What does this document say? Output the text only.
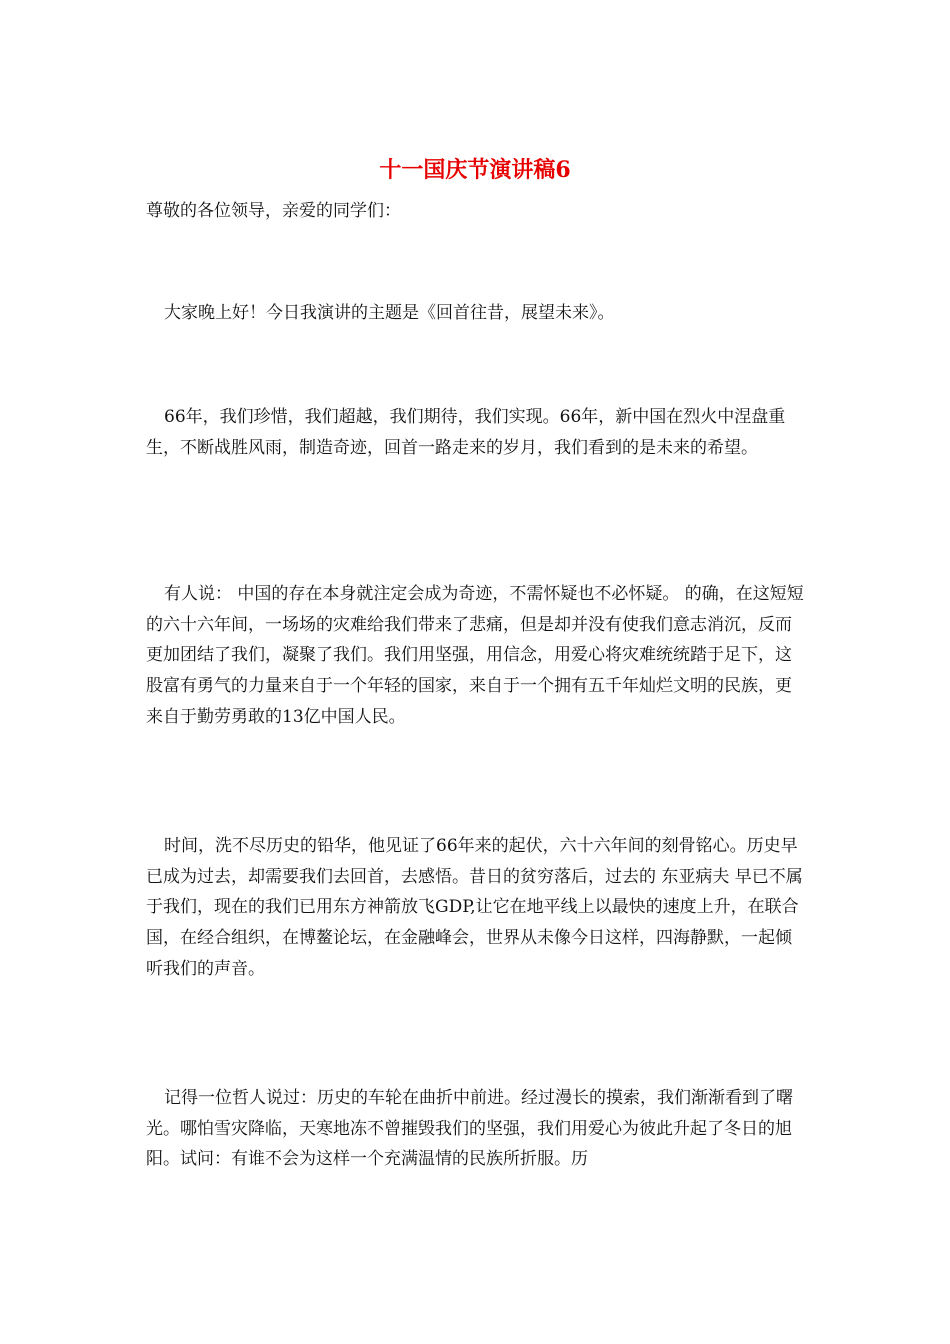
十一国庆节演讲稿6
尊敬的各位领导，亲爱的同学们：

大家晚上好！今日我演讲的主题是《回首往昔，展望未来》。

66年，我们珍惜，我们超越，我们期待，我们实现。66年，新中国在烈火中涅盘重生，不断战胜风雨，制造奇迹，回首一路走来的岁月，我们看到的是未来的希望。

有人说： 中国的存在本身就注定会成为奇迹，不需怀疑也不必怀疑。 的确，在这短短的六十六年间，一场场的灾难给我们带来了悲痛，但是却并没有使我们意志消沉，反而更加团结了我们，凝聚了我们。我们用坚强，用信念，用爱心将灾难统统踏于足下，这股富有勇气的力量来自于一个年轻的国家，来自于一个拥有五千年灿烂文明的民族，更来自于勤劳勇敢的13亿中国人民。

时间，洗不尽历史的铅华，他见证了66年来的起伏，六十六年间的刻骨铭心。历史早已成为过去，却需要我们去回首，去感悟。昔日的贫穷落后，过去的 东亚病夫 早已不属于我们，现在的我们已用东方神箭放飞GDP,让它在地平线上以最快的速度上升，在联合国，在经合组织，在博鳌论坛，在金融峰会，世界从未像今日这样，四海静默，一起倾听我们的声音。

记得一位哲人说过：历史的车轮在曲折中前进。经过漫长的摸索，我们渐渐看到了曙光。哪怕雪灾降临，天寒地冻不曾摧毁我们的坚强，我们用爱心为彼此升起了冬日的旭阳。试问：有谁不会为这样一个充满温情的民族所折服。历
